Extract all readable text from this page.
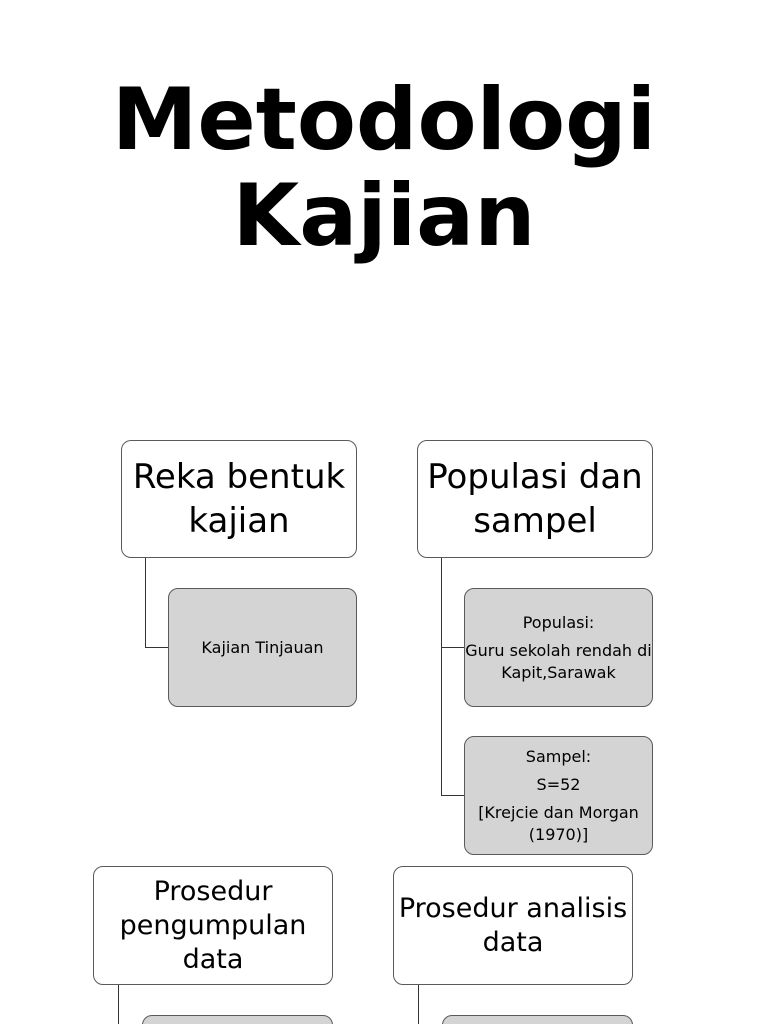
Metodologi
Kajian
Reka bentuk kajian
Kajian Tinjauan
Populasi dan sampel
Populasi:
Guru sekolah rendah di Kapit,Sarawak
Sampel:
S=52
[Krejcie dan Morgan (1970)]
Prosedur pengumpulan data
Prosedur analisis data
